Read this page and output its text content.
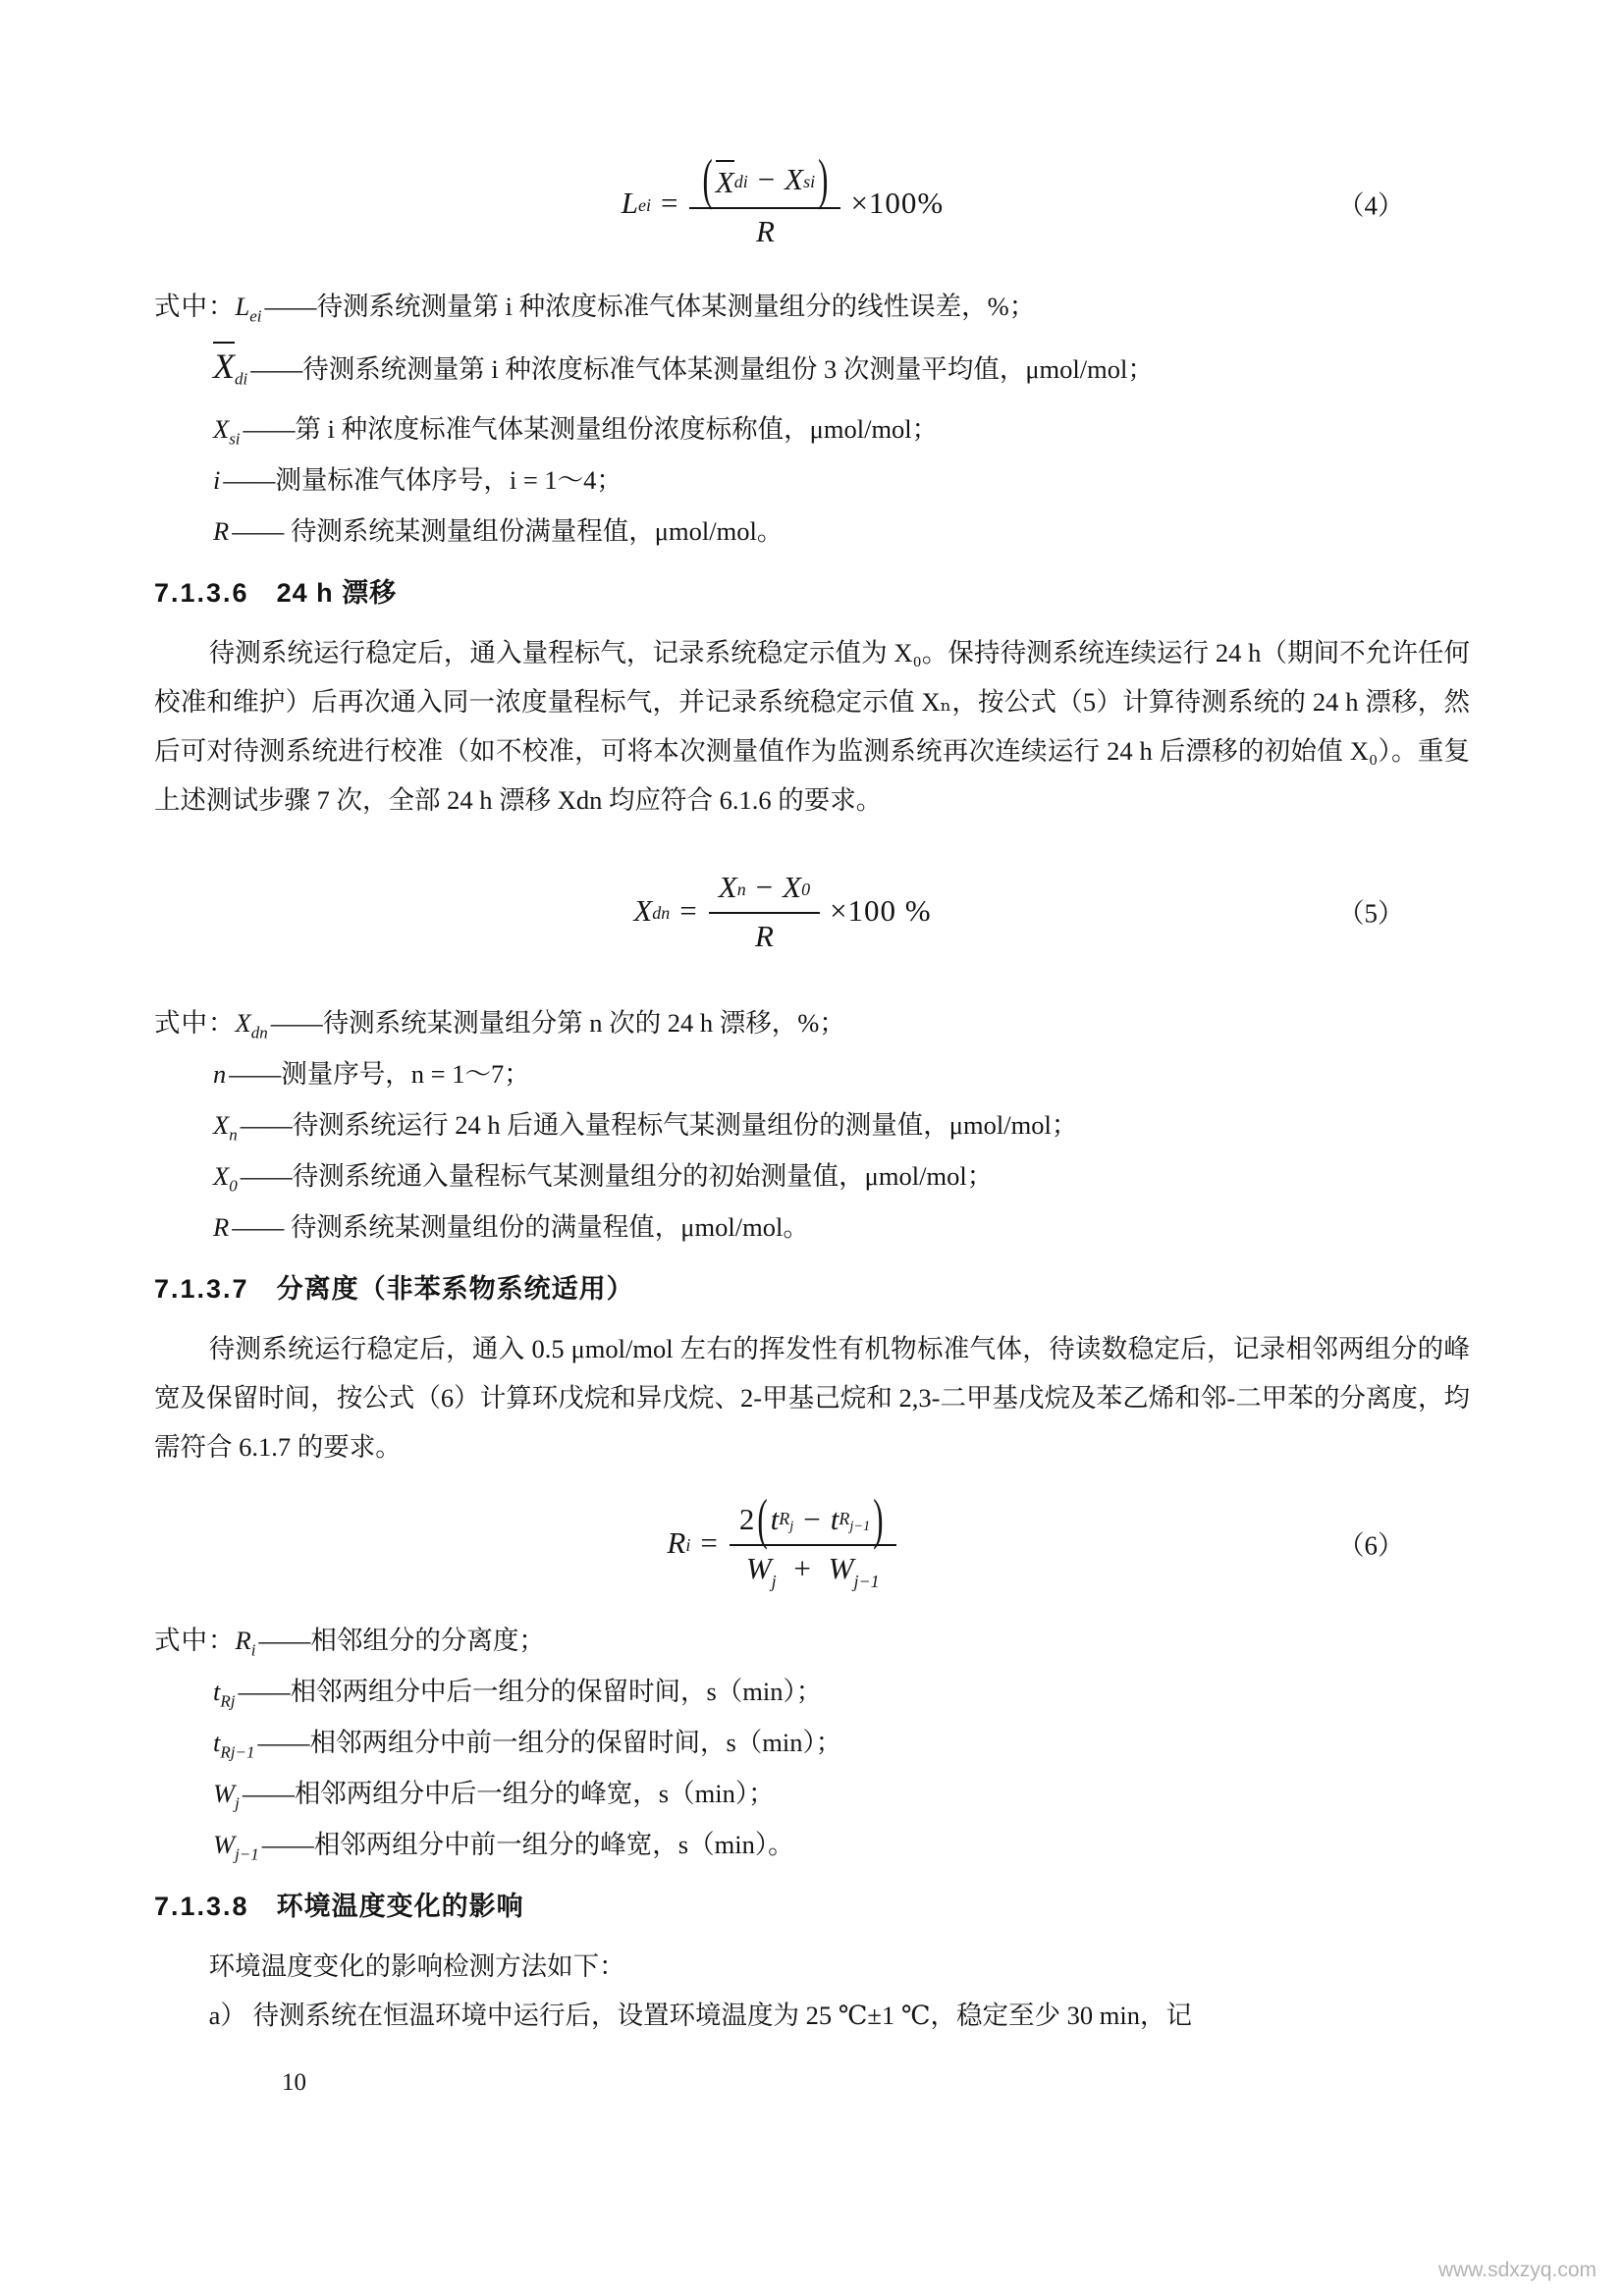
$L_{ei} = \frac{( X_{di} - X_{si} )}{R} \times 100\%$	（4）
式中： $L_{ei}$ ——待测系统测量第 i 种浓度标准气体某测量组分的线性误差，%；
$X_{di}$ ——待测系统测量第 i 种浓度标准气体某测量组份 3 次测量平均值，μmol/mol；
$X_{si}$ ——第 i 种浓度标准气体某测量组份浓度标称值，μmol/mol；
i ——测量标准气体序号，i = 1～4；
R —— 待测系统某测量组份满量程值，μmol/mol。
7.1.3.6 24 h 漂移

待测系统运行稳定后，通入量程标气，记录系统稳定示值为 X₀。保持待测系统连续运行 24 h（期间不允许任何校准和维护）后再次通入同一浓度量程标气，并记录系统稳定示值 Xₙ，按公式（5）计算待测系统的 24 h 漂移，然后可对待测系统进行校准（如不校准，可将本次测量值作为监测系统再次连续运行 24 h 后漂移的初始值 X₀）。重复上述测试步骤 7 次，全部 24 h 漂移 Xdn 均应符合 6.1.6 的要求。

$X_{dn} = \frac{X_n - X_0}{R} \times 100$ %	（5）
式中： $X_{dn}$ ——待测系统某测量组分第 n 次的 24 h 漂移，%；
n ——测量序号，n = 1～7；
$X_n$ ——待测系统运行 24 h 后通入量程标气某测量组份的测量值，μmol/mol；
$X_0$ ——待测系统通入量程标气某测量组分的初始测量值，μmol/mol；
R —— 待测系统某测量组份的满量程值，μmol/mol。
7.1.3.7 分离度（非苯系物系统适用）

待测系统运行稳定后，通入 0.5 μmol/mol 左右的挥发性有机物标准气体，待读数稳定后，记录相邻两组分的峰宽及保留时间，按公式（6）计算环戊烷和异戊烷、2-甲基己烷和 2,3-二甲基戊烷及苯乙烯和邻-二甲苯的分离度，均需符合 6.1.7 的要求。

$R_i = \frac{2 ( t _{R_j} - t _{R_{j-1}} )}{W_j + W_{j-1}}$	（6）
式中： $R_i$ ——相邻组分的分离度；
$t_{Rj}$ ——相邻两组分中后一组分的保留时间，s（min）；
$t_{Rj-1}$ ——相邻两组分中前一组分的保留时间，s（min）；
$W_j$ ——相邻两组分中后一组分的峰宽，s（min）；
$W_{j-1}$ ——相邻两组分中前一组分的峰宽，s（min）。
7.1.3.8 环境温度变化的影响

环境温度变化的影响检测方法如下：

a） 待测系统在恒温环境中运行后，设置环境温度为 25 ℃±1 ℃，稳定至少 30 min，记

10
www.sdxzyq.com
